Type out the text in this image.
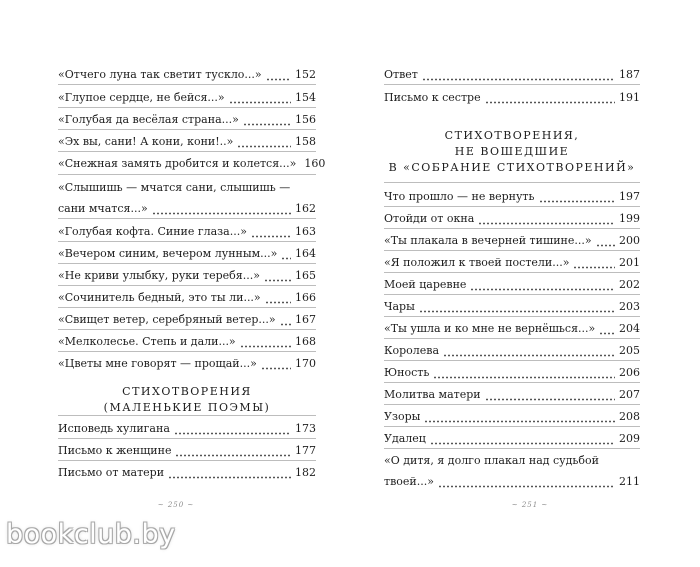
«Отчего луна так светит тускло...»	152
«Глупое сердце, не бейся...»	154
«Голубая да весёлая страна...»	156
«Эх вы, сани! А кони, кони!..»	158
«Снежная замять дробится и колется...» 160
«Слышишь — мчатся сани, слышишь —
сани мчатся...»	162
«Голубая кофта. Синие глаза...»	163
«Вечером синим, вечером лунным...» 164
«Не криви улыбку, руки теребя...»	165
«Сочинитель бедный, это ты ли...»	166
«Свищет ветер, серебряный ветер...» 167
«Мелколесье. Степь и дали...»	168
«Цветы мне говорят — прощай...»	170
СТИХОТВОРЕНИЯ
(МАЛЕНЬКИЕ ПОЭМЫ)
Исповедь хулигана	173
Письмо к женщине	177
Письмо от матери	182
Ответ	187
Письмо к сестре	191
СТИХОТВОРЕНИЯ,
НЕ ВОШЕДШИЕ
В «СОБРАНИЕ СТИХОТВОРЕНИЙ»
Что прошло — не вернуть	197
Отойди от окна	199
«Ты плакала в вечерней тишине...» 200
«Я положил к твоей постели...»	201
Моей царевне	202
Чары	203
«Ты ушла и ко мне не вернёшься...» 204
Королева	205
Юность	206
Молитва матери	207
Узоры	208
Удалец	209
«О дитя, я долго плакал над судьбой
твоей...»	211
~ 250 ~	~ 251 ~
bookclub.by
